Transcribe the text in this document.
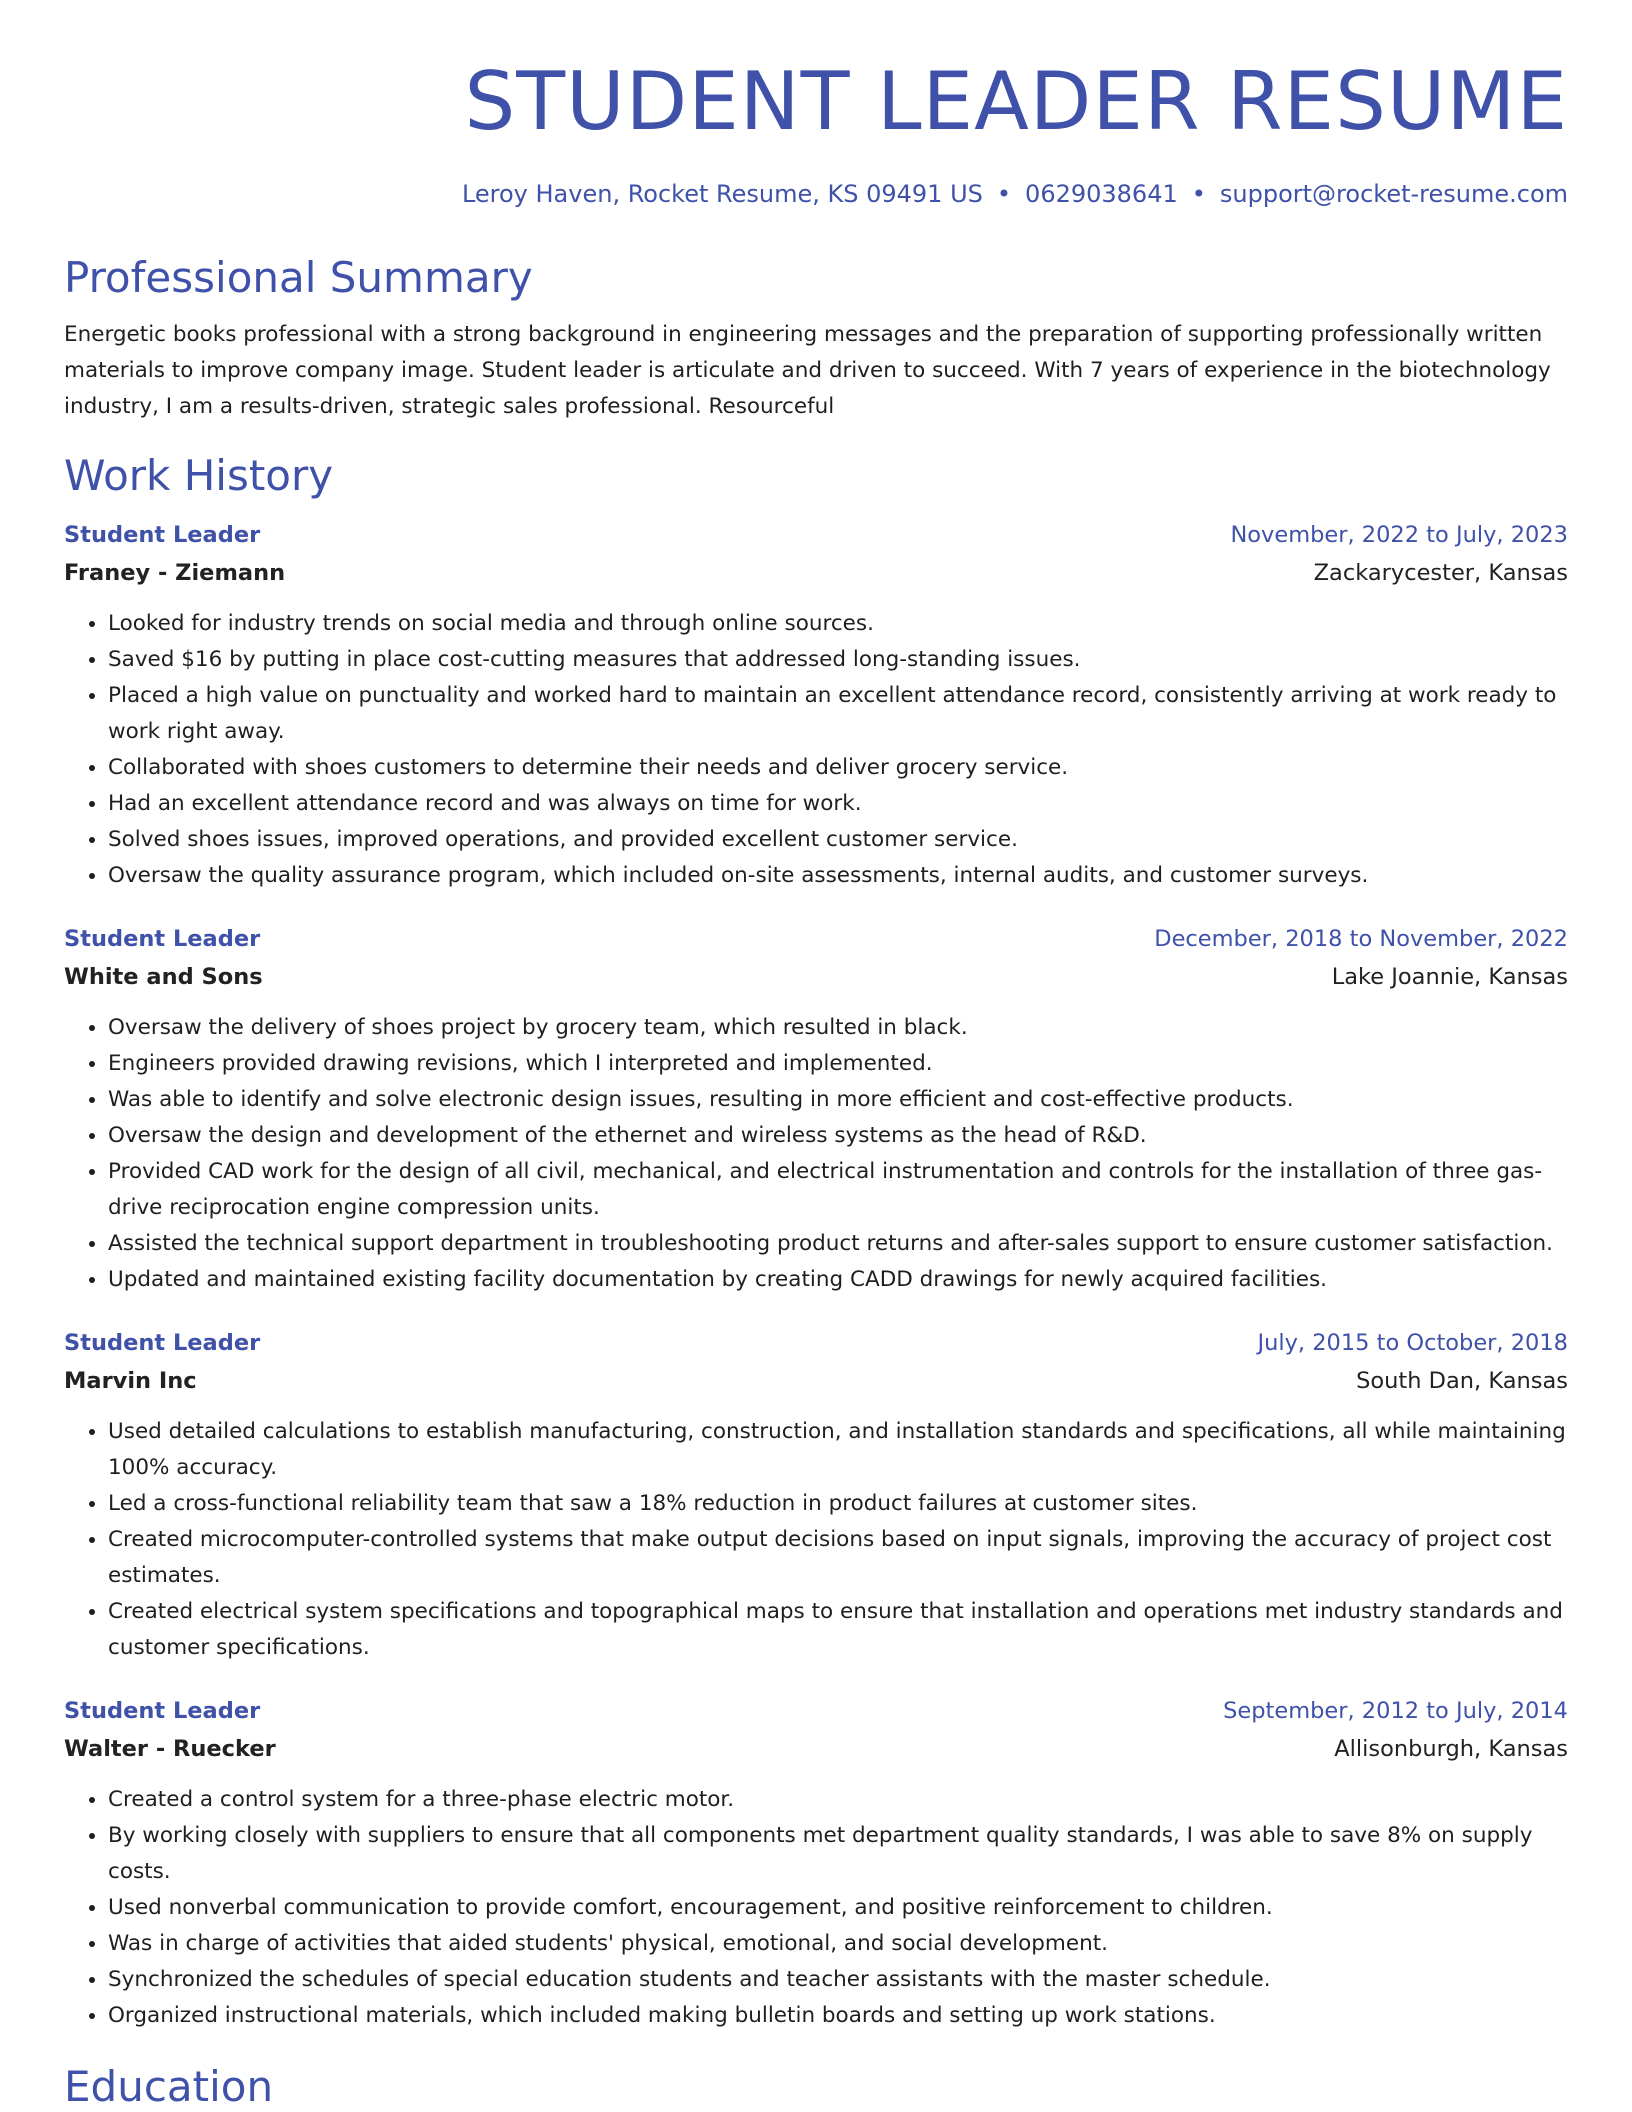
STUDENT LEADER RESUME
Leroy Haven, Rocket Resume, KS 09491 US • 0629038641 • support@rocket-resume.com
Professional Summary

Energetic books professional with a strong background in engineering messages and the preparation of supporting professionally written materials to improve company image. Student leader is articulate and driven to succeed. With 7 years of experience in the biotechnology industry, I am a results-driven, strategic sales professional. Resourceful

Work History
Student Leader	November, 2022 to July, 2023
Franey - Ziemann	Zackarycester, Kansas
• Looked for industry trends on social media and through online sources.
• Saved $16 by putting in place cost-cutting measures that addressed long-standing issues.
• Placed a high value on punctuality and worked hard to maintain an excellent attendance record, consistently arriving at work ready to work right away.
• Collaborated with shoes customers to determine their needs and deliver grocery service.
• Had an excellent attendance record and was always on time for work.
• Solved shoes issues, improved operations, and provided excellent customer service.
• Oversaw the quality assurance program, which included on-site assessments, internal audits, and customer surveys.
Student Leader	December, 2018 to November, 2022
White and Sons	Lake Joannie, Kansas
• Oversaw the delivery of shoes project by grocery team, which resulted in black.
• Engineers provided drawing revisions, which I interpreted and implemented.
• Was able to identify and solve electronic design issues, resulting in more efficient and cost-effective products.
• Oversaw the design and development of the ethernet and wireless systems as the head of R&D.
• Provided CAD work for the design of all civil, mechanical, and electrical instrumentation and controls for the installation of three gas-drive reciprocation engine compression units.
• Assisted the technical support department in troubleshooting product returns and after-sales support to ensure customer satisfaction.
• Updated and maintained existing facility documentation by creating CADD drawings for newly acquired facilities.
Student Leader	July, 2015 to October, 2018
Marvin Inc	South Dan, Kansas
• Used detailed calculations to establish manufacturing, construction, and installation standards and specifications, all while maintaining 100% accuracy.
• Led a cross-functional reliability team that saw a 18% reduction in product failures at customer sites.
• Created microcomputer-controlled systems that make output decisions based on input signals, improving the accuracy of project cost estimates.
• Created electrical system specifications and topographical maps to ensure that installation and operations met industry standards and customer specifications.
Student Leader	September, 2012 to July, 2014
Walter - Ruecker	Allisonburgh, Kansas
• Created a control system for a three-phase electric motor.
• By working closely with suppliers to ensure that all components met department quality standards, I was able to save 8% on supply costs.
• Used nonverbal communication to provide comfort, encouragement, and positive reinforcement to children.
• Was in charge of activities that aided students' physical, emotional, and social development.
• Synchronized the schedules of special education students and teacher assistants with the master schedule.
• Organized instructional materials, which included making bulletin boards and setting up work stations.
Education
